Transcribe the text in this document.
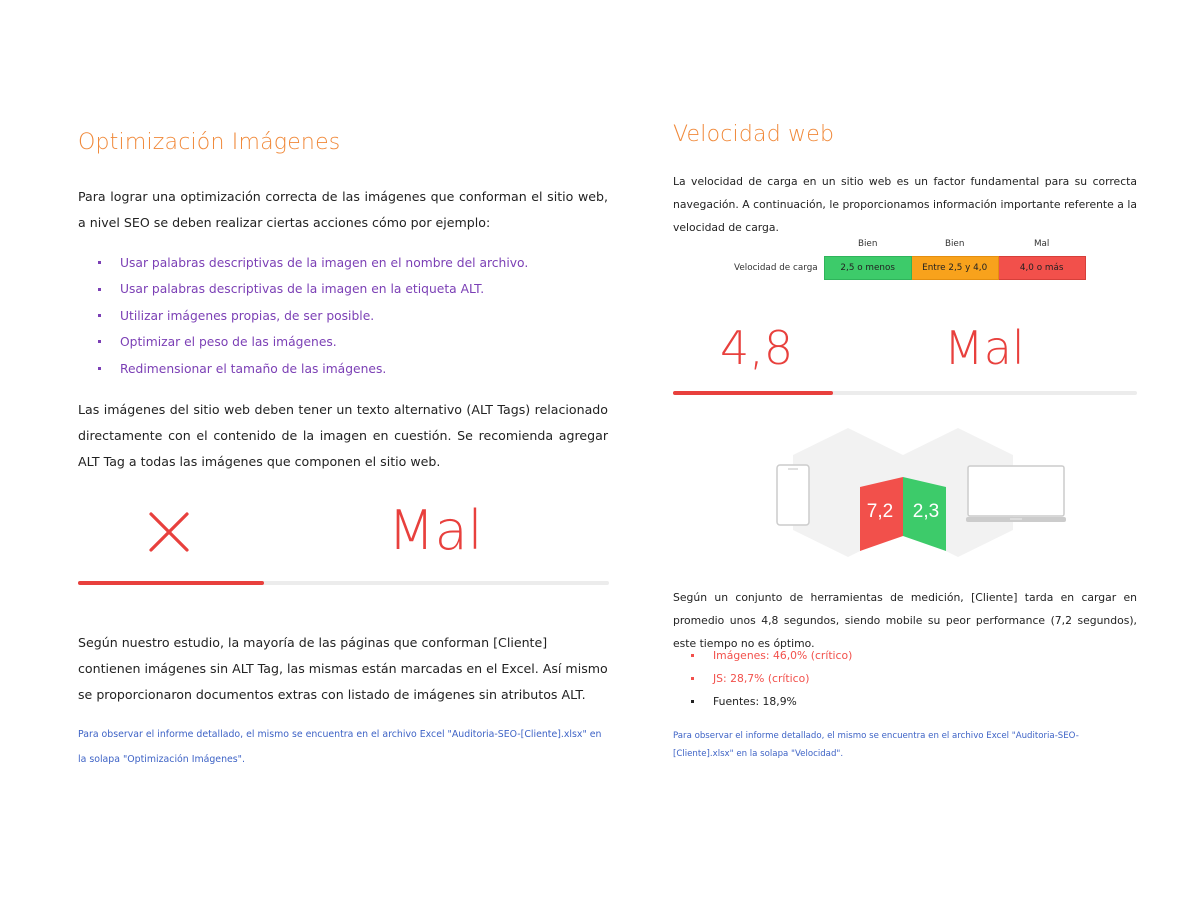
Optimización Imágenes

Para lograr una optimización correcta de las imágenes que conforman el sitio web, a nivel SEO se deben realizar ciertas acciones cómo por ejemplo:

Usar palabras descriptivas de la imagen en el nombre del archivo.
Usar palabras descriptivas de la imagen en la etiqueta ALT.
Utilizar imágenes propias, de ser posible.
Optimizar el peso de las imágenes.
Redimensionar el tamaño de las imágenes.

Las imágenes del sitio web deben tener un texto alternativo (ALT Tags) relacionado directamente con el contenido de la imagen en cuestión. Se recomienda agregar ALT Tag a todas las imágenes que componen el sitio web.

Mal

Según nuestro estudio, la mayoría de las páginas que conforman [Cliente] contienen imágenes sin ALT Tag, las mismas están marcadas en el Excel. Así mismo se proporcionaron documentos extras con listado de imágenes sin atributos ALT.

Para observar el informe detallado, el mismo se encuentra en el archivo Excel "Auditoria-SEO-[Cliente].xlsx" en la solapa "Optimización Imágenes".

Velocidad web

La velocidad de carga en un sitio web es un factor fundamental para su correcta navegación. A continuación, le proporcionamos información importante referente a la velocidad de carga.

	Bien	Bien	Mal
Velocidad de carga	2,5 o menos	Entre 2,5 y 4,0	4,0 o más
4,8	Mal
7,2 2,3

Según un conjunto de herramientas de medición, [Cliente] tarda en cargar en promedio unos 4,8 segundos, siendo mobile su peor performance (7,2 segundos), este tiempo no es óptimo.

Imágenes: 46,0% (crítico)
JS: 28,7% (crítico)
Fuentes: 18,9%

Para observar el informe detallado, el mismo se encuentra en el archivo Excel "Auditoria-SEO-[Cliente].xlsx" en la solapa "Velocidad".
